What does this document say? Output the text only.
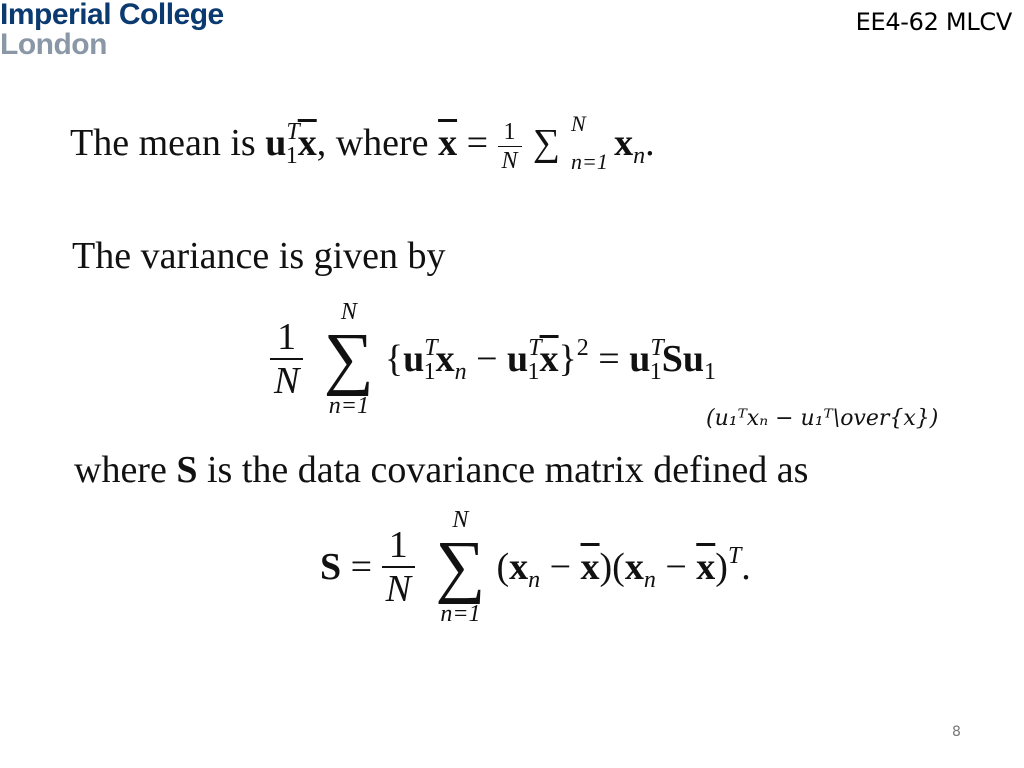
Imperial College
London
EE4-62 MLCV
The mean is $u^T_1\overline{x}$, where $\overline{x} = \frac{1}{N}$ ∑ N
n=1 $x_n$.
The variance is given by
$\frac{1}{N}$

N
∑
n=1
$\{u^T_1x_n - u^T_1\overline{x}\}^2 = u^T_1Su_1$
(u₁ᵀxₙ − u₁ᵀ\over{x})
where S is the data covariance matrix defined as
$S = \frac{1}{N}$

N
∑
n=1
$(x_n - \overline{x})(x_n - \overline{x})^T$.
8
